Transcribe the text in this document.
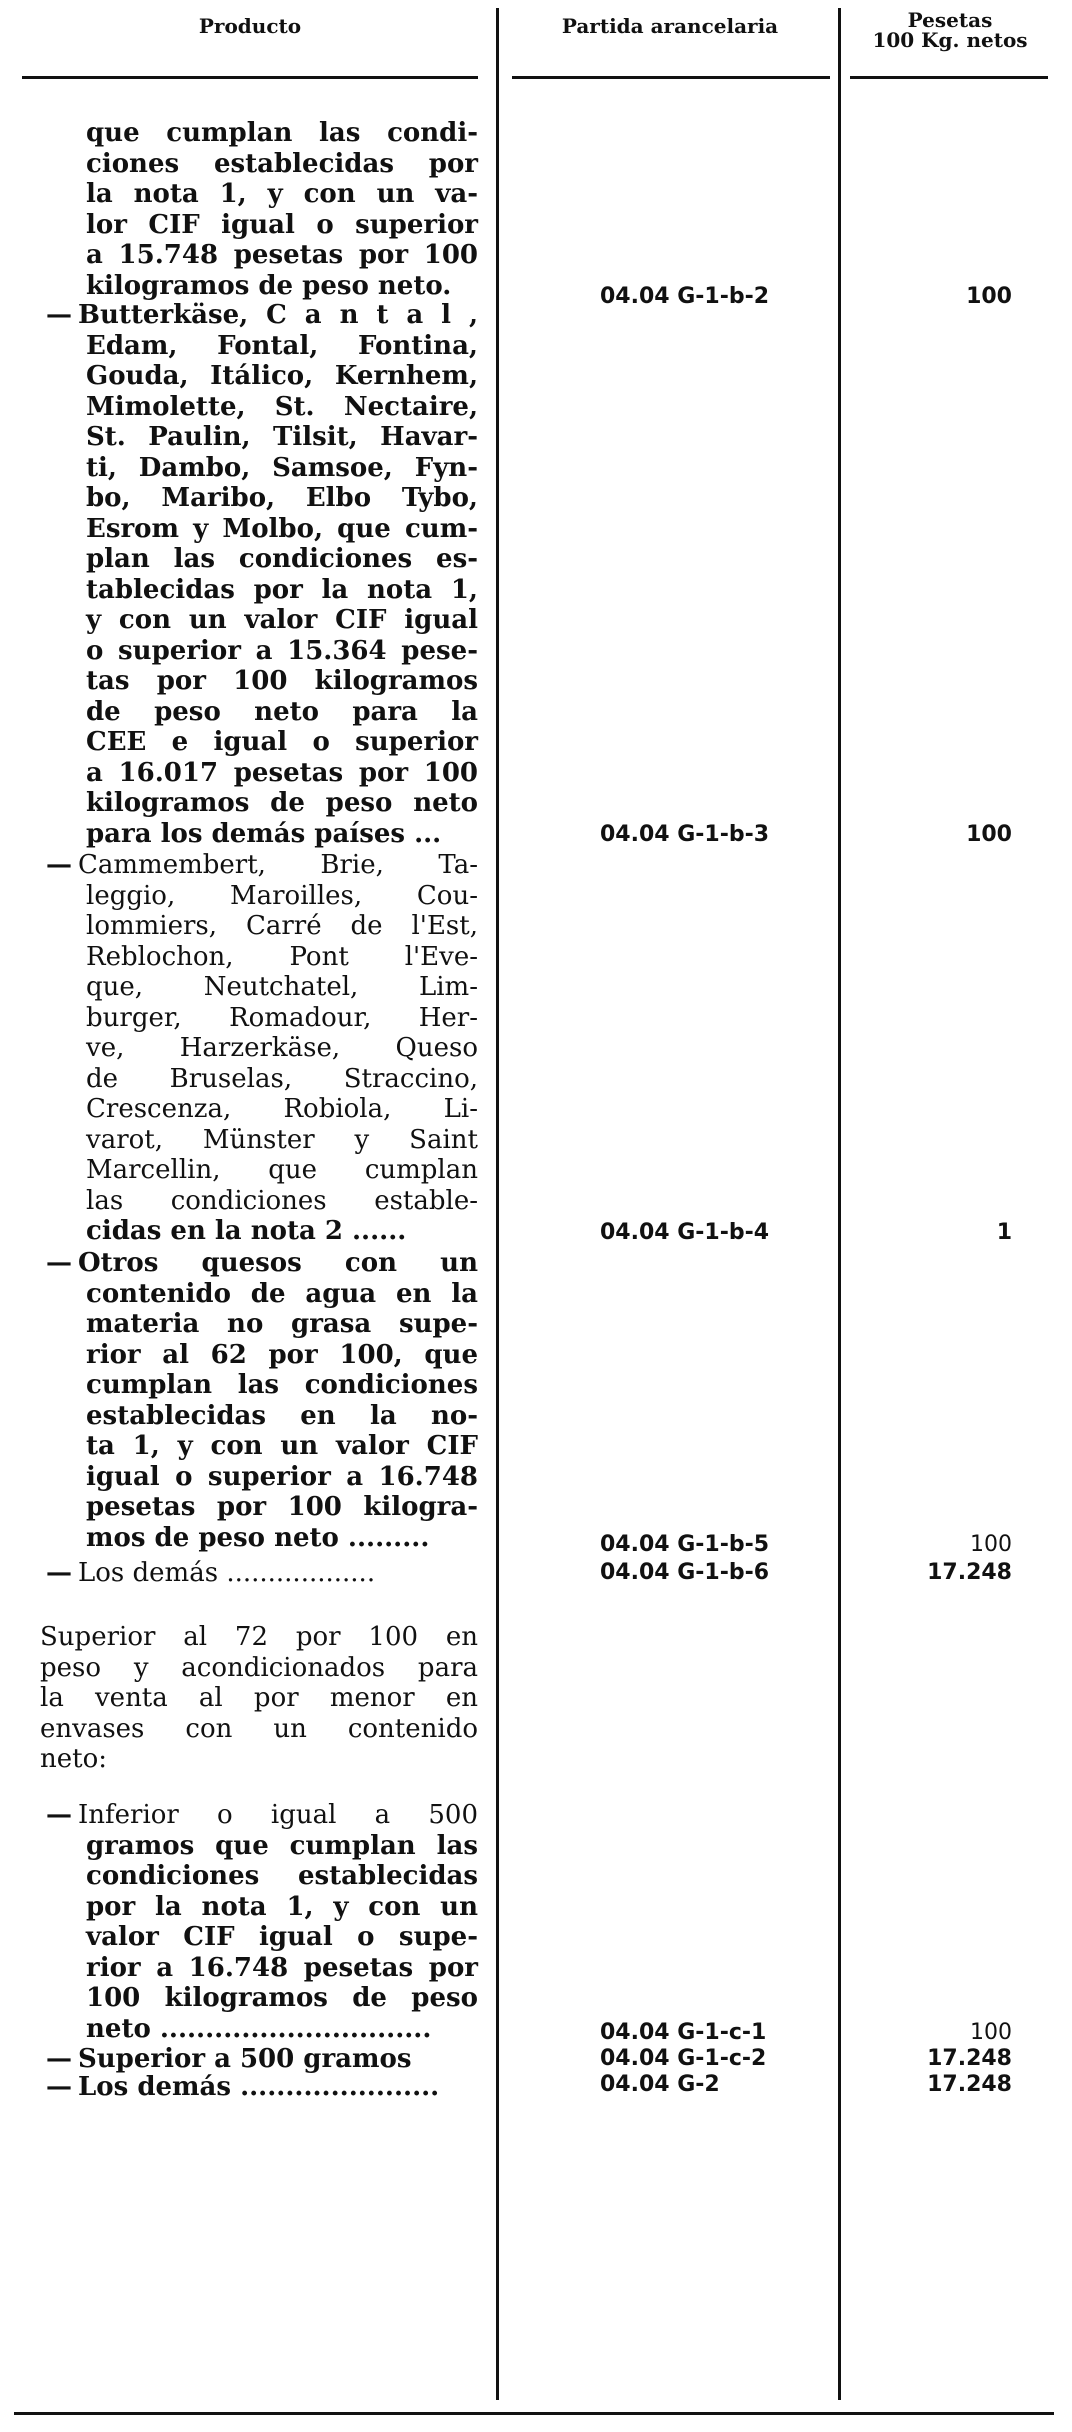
Producto	Partida arancelaria	Pesetas
100 Kg. netos
que cumplan las condi-
ciones establecidas por
la nota 1, y con un va-
lor CIF igual o superior
a 15.748 pesetas por 100
kilogramos de peso neto.	04.04 G-1-b-2	100
— Butterkäse, C a n t a l ,
Edam, Fontal, Fontina,
Gouda, Itálico, Kernhem,
Mimolette, St. Nectaire,
St. Paulin, Tilsit, Havar-
ti, Dambo, Samsoe, Fyn-
bo, Maribo, Elbo Tybo,
Esrom y Molbo, que cum-
plan las condiciones es-
tablecidas por la nota 1,
y con un valor CIF igual
o superior a 15.364 pese-
tas por 100 kilogramos
de peso neto para la
CEE e igual o superior
a 16.017 pesetas por 100
kilogramos de peso neto
para los demás países ...	04.04 G-1-b-3	100
— Cammembert, Brie, Ta-
leggio, Maroilles, Cou-
lommiers, Carré de l'Est,
Reblochon, Pont l'Eve-
que, Neutchatel, Lim-
burger, Romadour, Her-
ve, Harzerkäse, Queso
de Bruselas, Straccino,
Crescenza, Robiola, Li-
varot, Münster y Saint
Marcellin, que cumplan
las condiciones estable-
cidas en la nota 2 ......	04.04 G-1-b-4	1
— Otros quesos con un
contenido de agua en la
materia no grasa supe-
rior al 62 por 100, que
cumplan las condiciones
establecidas en la no-
ta 1, y con un valor CIF
igual o superior a 16.748
pesetas por 100 kilogra-
mos de peso neto .........	04.04 G-1-b-5	100
— Los demás ..................	04.04 G-1-b-6	17.248
Superior al 72 por 100 en
peso y acondicionados para
la venta al por menor en
envases con un contenido
neto:
— Inferior o igual a 500
gramos que cumplan las
condiciones establecidas
por la nota 1, y con un
valor CIF igual o supe-
rior a 16.748 pesetas por
100 kilogramos de peso
neto ..............................	04.04 G-1-c-1	100
— Superior a 500 gramos	04.04 G-1-c-2	17.248
— Los demás ......................	04.04 G-2	17.248
